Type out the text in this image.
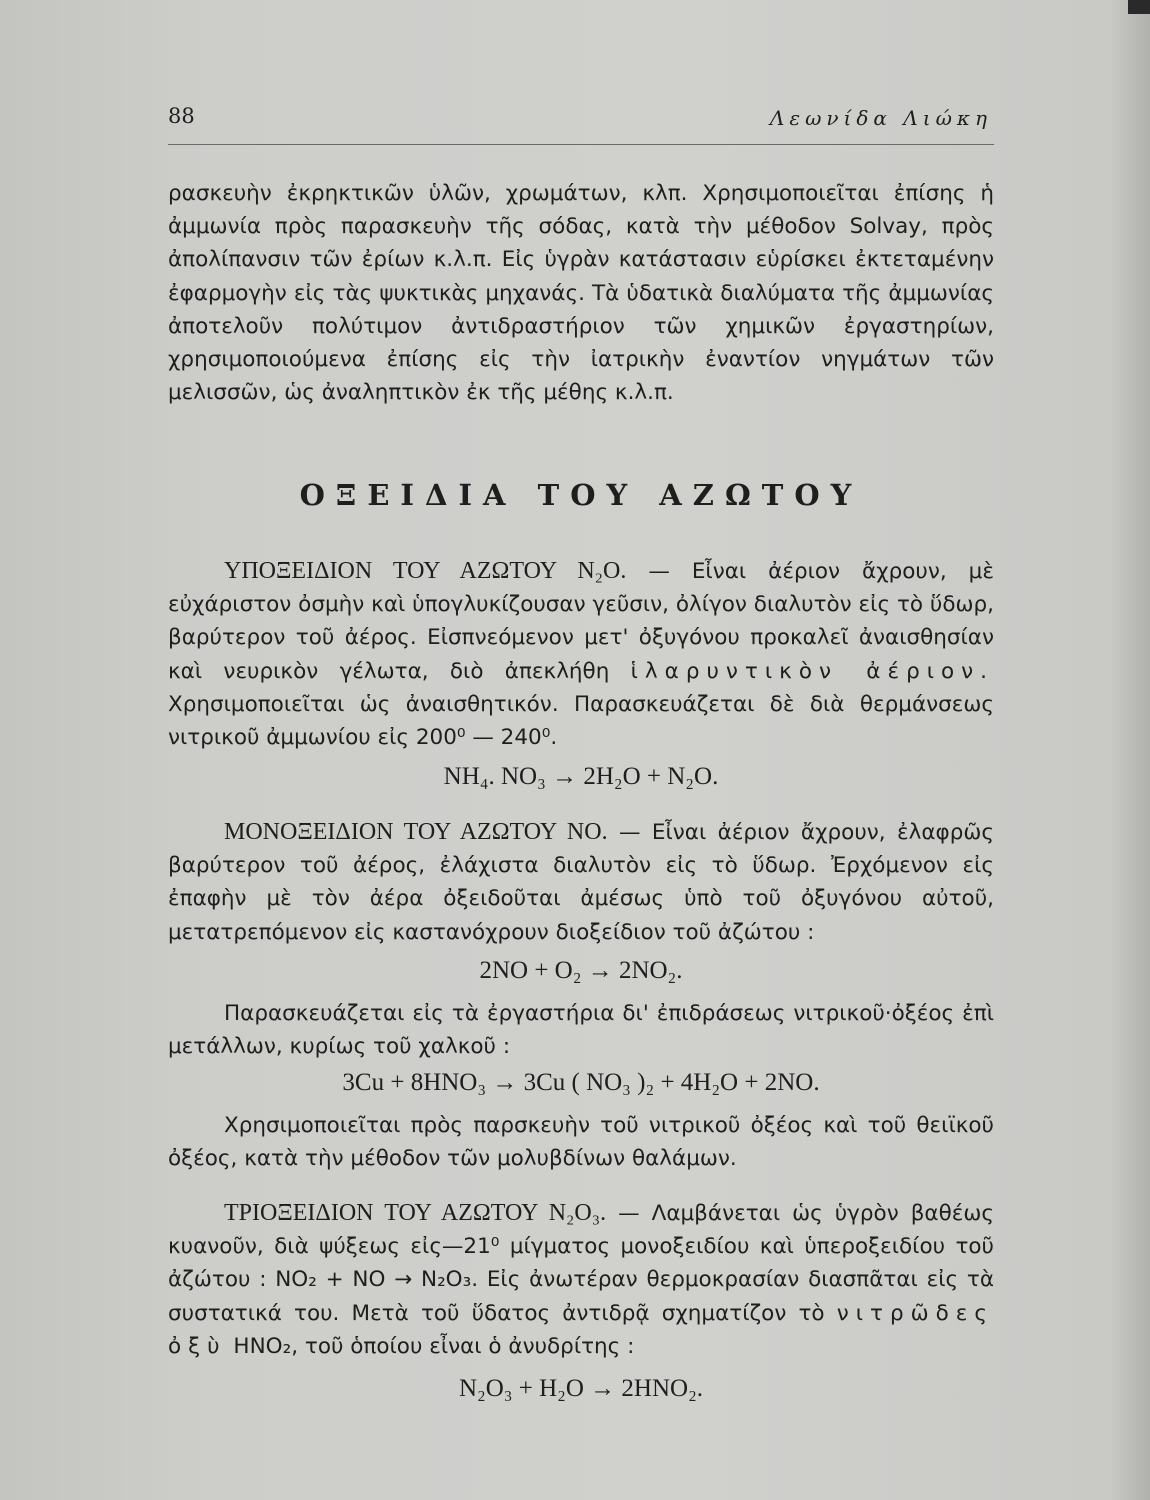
88	Λεωνίδα Λιώκη
ρασκευὴν ἐκρηκτικῶν ὑλῶν, χρωμάτων, κλπ. Χρησιμοποιεῖται ἐπίσης ἡ ἀμμωνία πρὸς παρασκευὴν τῆς σόδας, κατὰ τὴν μέθοδον Solvay, πρὸς ἀπολίπανσιν τῶν ἐρίων κ.λ.π. Εἰς ὑγρὰν κατάστασιν εὑρίσκει ἐκτεταμένην ἐφαρμογὴν εἰς τὰς ψυκτικὰς μηχανάς. Τὰ ὑδατικὰ διαλύματα τῆς ἀμμωνίας ἀποτελοῦν πολύτιμον ἀντιδραστήριον τῶν χημικῶν ἐργαστηρίων, χρησιμοποιούμενα ἐπίσης εἰς τὴν ἰατρικὴν ἐναντίον νηγμάτων τῶν μελισσῶν, ὡς ἀναληπτικὸν ἐκ τῆς μέθης κ.λ.π.
ΟΞΕΙΔΙΑ ΤΟΥ ΑΖΩΤΟΥ
ΥΠΟΞΕΙΔΙΟΝ ΤΟΥ ΑΖΩΤΟΥ N₂O. — Εἶναι ἀέριον ἄχρουν, μὲ εὐχάριστον ὀσμὴν καὶ ὑπογλυκίζουσαν γεῦσιν, ὀλίγον διαλυτὸν εἰς τὸ ὕδωρ, βαρύτερον τοῦ ἀέρος. Εἰσπνεόμενον μετ' ὀξυγόνου προκαλεῖ ἀναισθησίαν καὶ νευρικὸν γέλωτα, διὸ ἀπεκλήθη ἱλαρυντικὸν ἀέριον. Χρησιμοποιεῖται ὡς ἀναισθητικόν. Παρασκευάζεται δὲ διὰ θερμάνσεως νιτρικοῦ ἀμμωνίου εἰς 200⁰ — 240⁰.
NH₄. NO₃ → 2H₂O + N₂O.
ΜΟΝΟΞΕΙΔΙΟΝ ΤΟΥ ΑΖΩΤΟΥ ΝΟ. — Εἶναι ἀέριον ἄχρουν, ἐλαφρῶς βαρύτερον τοῦ ἀέρος, ἐλάχιστα διαλυτὸν εἰς τὸ ὕδωρ. Ἐρχόμενον εἰς ἐπαφὴν μὲ τὸν ἀέρα ὀξειδοῦται ἀμέσως ὑπὸ τοῦ ὀξυγόνου αὐτοῦ, μετατρεπόμενον εἰς καστανόχρουν διοξείδιον τοῦ ἀζώτου :
2NO + O₂ → 2NO₂.
Παρασκευάζεται εἰς τὰ ἐργαστήρια δι' ἐπιδράσεως νιτρικοῦ·ὀξέος ἐπὶ μετάλλων, κυρίως τοῦ χαλκοῦ :
3Cu + 8HNO₃ → 3Cu ( NO₃ )₂ + 4H₂O + 2NO.
Χρησιμοποιεῖται πρὸς παρσκευὴν τοῦ νιτρικοῦ ὀξέος καὶ τοῦ θειϊκοῦ ὀξέος, κατὰ τὴν μέθοδον τῶν μολυβδίνων θαλάμων.
ΤΡΙΟΞΕΙΔΙΟΝ ΤΟΥ ΑΖΩΤΟΥ N₂O₃. — Λαμβάνεται ὡς ὑγρὸν βαθέως κυανοῦν, διὰ ψύξεως εἰς—21⁰ μίγματος μονοξειδίου καὶ ὑπεροξειδίου τοῦ ἀζώτου : NO₂ + NO → N₂O₃. Εἰς ἀνωτέραν θερμοκρασίαν διασπᾶται εἰς τὰ συστατικά του. Μετὰ τοῦ ὕδατος ἀντιδρᾷ σχηματίζον τὸ νιτρῶδες ὀξὺ HNO₂, τοῦ ὁποίου εἶναι ὁ ἀνυδρίτης :
N₂O₃ + H₂O → 2HNO₂.
